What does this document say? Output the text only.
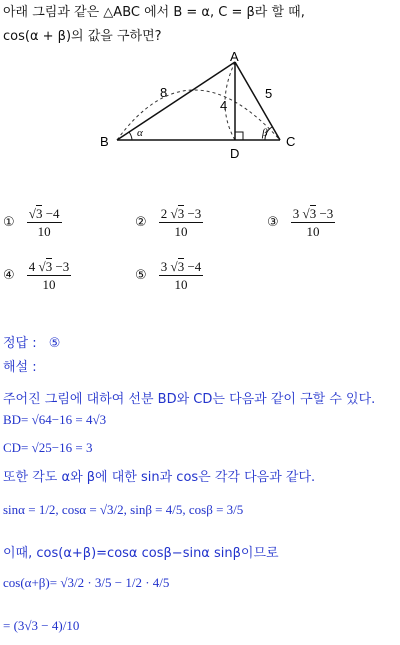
아래 그림과 같은 △ABC 에서 B = α, C = β라 할 때,
cos(α + β)의 값을 구하면?
A
B	C
D
8
4
5
α	β
① $\frac{√3 -4}{10}$	② $\frac{2 √3 -3}{10}$	③ $\frac{3 √3 -3}{10}$
④ $\frac{4 √3 -3}{10}$	⑤ $\frac{3 √3 -4}{10}$
정답 : ⑤
해설 :
주어진 그림에 대하여 선분 BD와 CD는 다음과 같이 구할 수 있다.
BD= √64−16 = 4√3
CD= √25−16 = 3
또한 각도 α와 β에 대한 sin과 cos은 각각 다음과 같다.
sinα = 1/2, cosα = √3/2, sinβ = 4/5, cosβ = 3/5
이때, cos(α+β)=cosα cosβ−sinα sinβ이므로
cos(α+β)= √3/2 · 3/5 − 1/2 · 4/5
= (3√3 − 4)/10
